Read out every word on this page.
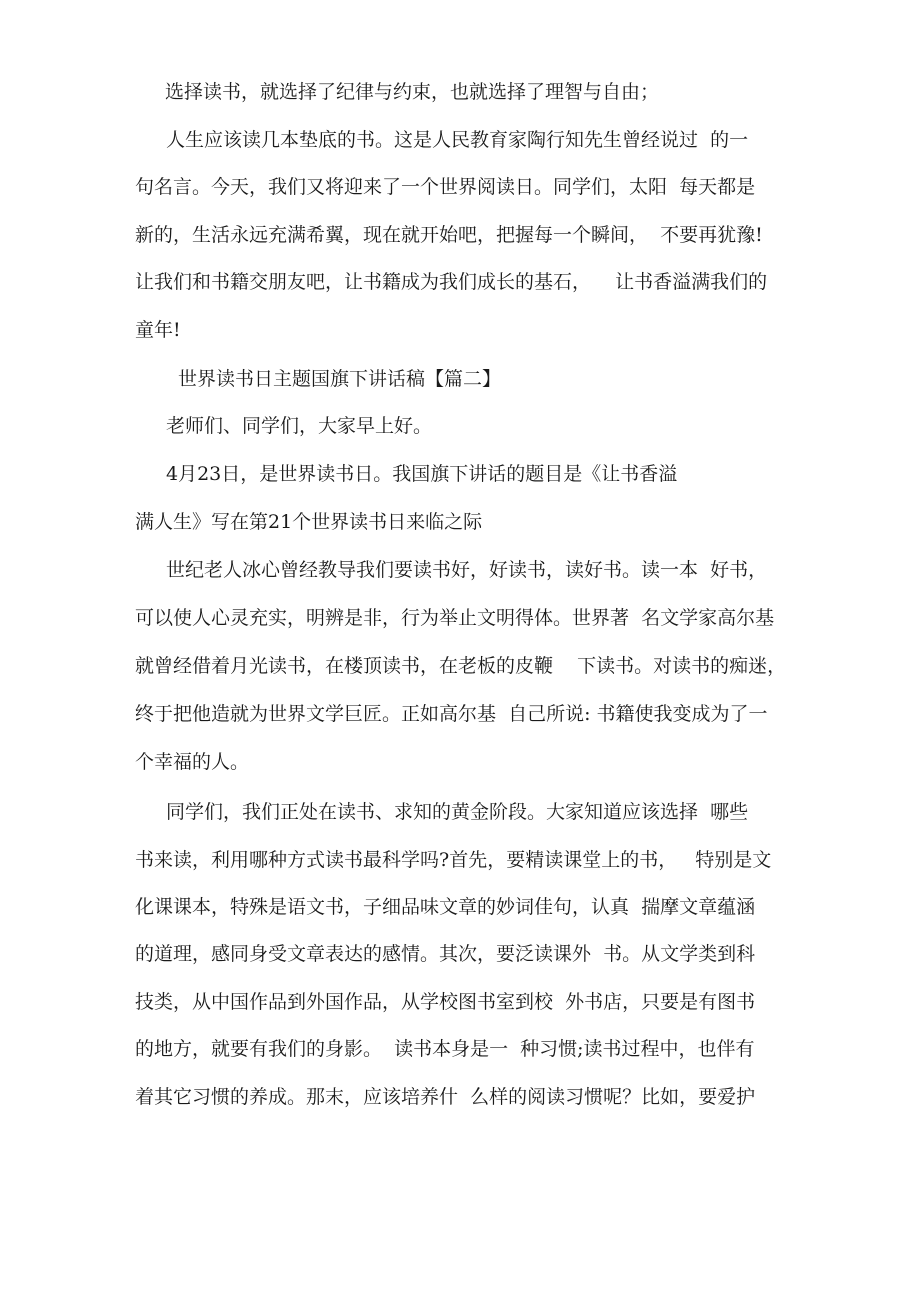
选择读书，就选择了纪律与约束，也就选择了理智与自由；

人生应该读几本垫底的书。这是人民教育家陶行知先生曾经说过  的一

句名言。今天，我们又将迎来了一个世界阅读日。同学们，太阳  每天都是

新的，生活永远充满希翼，现在就开始吧，把握每一个瞬间，  不要再犹豫!

让我们和书籍交朋友吧，让书籍成为我们成长的基石，    让书香溢满我们的

童年!

世界读书日主题国旗下讲话稿【篇二】

老师们、同学们，大家早上好。

4月23日，是世界读书日。我国旗下讲话的题目是《让书香溢

满人生》写在第21个世界读书日来临之际

世纪老人冰心曾经教导我们要读书好，好读书，读好书。读一本  好书，

可以使人心灵充实，明辨是非，行为举止文明得体。世界著  名文学家高尔基

就曾经借着月光读书，在楼顶读书，在老板的皮鞭    下读书。对读书的痴迷，

终于把他造就为世界文学巨匠。正如高尔基  自己所说: 书籍使我变成为了一

个幸福的人。

同学们，我们正处在读书、求知的黄金阶段。大家知道应该选择  哪些

书来读，利用哪种方式读书最科学吗?首先，要精读课堂上的书，   特别是文

化课课本，特殊是语文书，子细品味文章的妙词佳句，认真  揣摩文章蕴涵

的道理，感同身受文章表达的感情。其次，要泛读课外  书。从文学类到科

技类，从中国作品到外国作品，从学校图书室到校  外书店，只要是有图书

的地方，就要有我们的身影。  读书本身是一  种习惯;读书过程中，也伴有

着其它习惯的养成。那末，应该培养什  么样的阅读习惯呢？比如，要爱护
